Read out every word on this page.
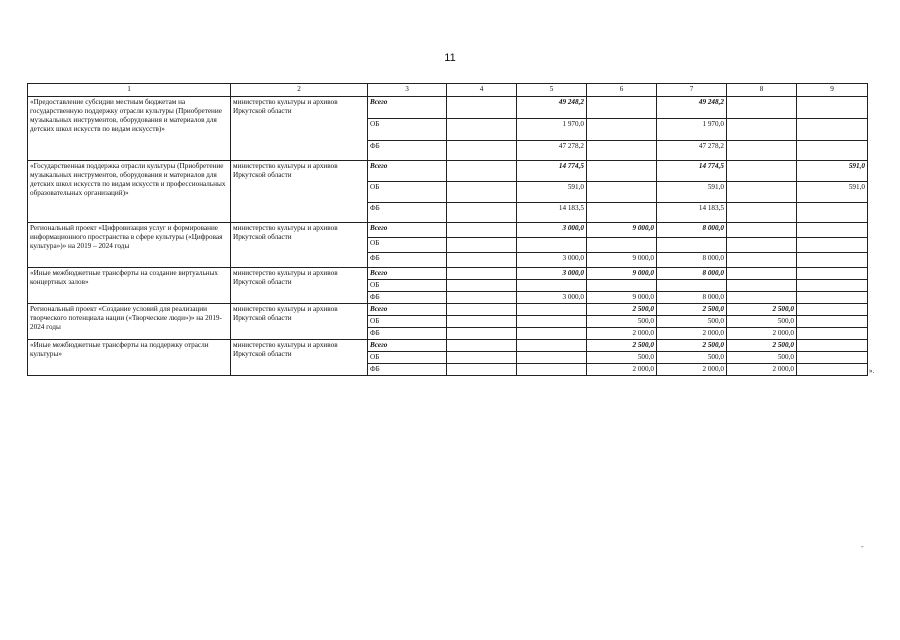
11
1	2	3	4	5	6	7	8	9
«Предоставление субсидии местным бюджетам на государственную поддержку отрасли культуры (Приобретение музыкальных инструментов, оборудования и материалов для детских школ искусств по видам искусств)»	министерство культуры и архивов Иркутской области	Всего		49 248,2		49 248,2		
		ОБ		1 970,0		1 970,0		
		ФБ		47 278,2		47 278,2		
«Государственная поддержка отрасли культуры (Приобретение музыкальных инструментов, оборудования и материалов для детских школ искусств по видам искусств и профессиональных образовательных организаций)»	министерство культуры и архивов Иркутской области	Всего		14 774,5		14 774,5		591,0
		ОБ		591,0		591,0		591,0
		ФБ		14 183,5		14 183,5		
Региональный проект «Цифровизация услуг и формирование информационного пространства в сфере культуры («Цифровая культура»)» на 2019 – 2024 годы	министерство культуры и архивов Иркутской области	Всего		3 000,0	9 000,0	8 000,0		
		ОБ						
		ФБ		3 000,0	9 000,0	8 000,0		
«Иные межбюджетные трансферты на создание виртуальных концертных залов»	министерство культуры и архивов Иркутской области	Всего		3 000,0	9 000,0	8 000,0		
		ОБ						
		ФБ		3 000,0	9 000,0	8 000,0		
Региональный проект «Создание условий для реализации творческого потенциала нации («Творческие люди»)» на 2019-2024 годы	министерство культуры и архивов Иркутской области	Всего			2 500,0	2 500,0	2 500,0	
		ОБ			500,0	500,0	500,0	
		ФБ			2 000,0	2 000,0	2 000,0	
«Иные межбюджетные трансферты на поддержку отрасли культуры»	министерство культуры и архивов Иркутской области	Всего			2 500,0	2 500,0	2 500,0	
		ОБ			500,0	500,0	500,0	
		ФБ			2 000,0	2 000,0	2 000,0		».
-
